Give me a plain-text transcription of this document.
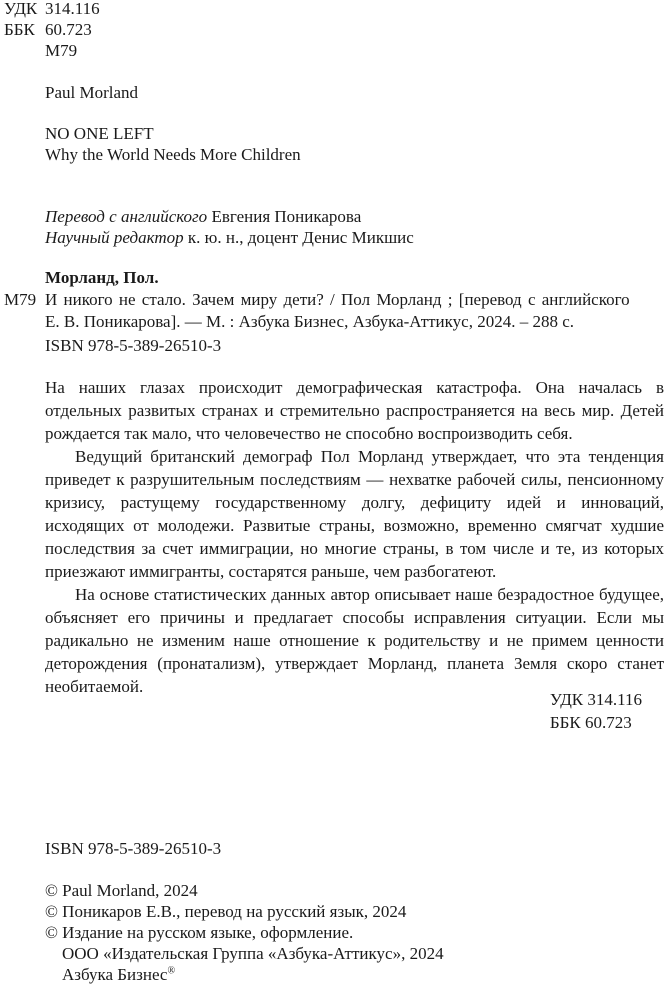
УДК 314.116
ББК 60.723
М79
Paul Morland
NO ONE LEFT
Why the World Needs More Children
Перевод с английского Евгения Поникарова
Научный редактор к. ю. н., доцент Денис Микшис
Морланд, Пол.
М79 И никого не стало. Зачем миру дети? / Пол Морланд ; [перевод с английского
Е. В. Поникарова]. — М. : Азбука Бизнес, Азбука-Аттикус, 2024. – 288 с.
ISBN 978-5-389-26510-3
На наших глазах происходит демографическая катастрофа. Она началась в отдельных развитых странах и стремительно распространяется на весь мир. Детей рождается так мало, что человечество не способно воспроизводить себя.
Ведущий британский демограф Пол Морланд утверждает, что эта тенденция приведет к разрушительным последствиям — нехватке рабочей силы, пенсионному кризису, растущему государственному долгу, дефициту идей и инноваций, исходящих от молодежи. Развитые страны, возможно, временно смягчат худшие последствия за счет иммиграции, но многие страны, в том числе и те, из которых приезжают иммигранты, состарятся раньше, чем разбогатеют.
На основе статистических данных автор описывает наше безрадостное будущее, объясняет его причины и предлагает способы исправления ситуации. Если мы радикально не изменим наше отношение к родительству и не примем ценности деторождения (пронатализм), утверждает Морланд, планета Земля скоро станет необитаемой.
УДК 314.116
ББК 60.723
ISBN 978-5-389-26510-3
© Paul Morland, 2024
© Поникаров Е.В., перевод на русский язык, 2024
© Издание на русском языке, оформление.
ООО «Издательская Группа «Азбука-Аттикус», 2024
Азбука Бизнес®
